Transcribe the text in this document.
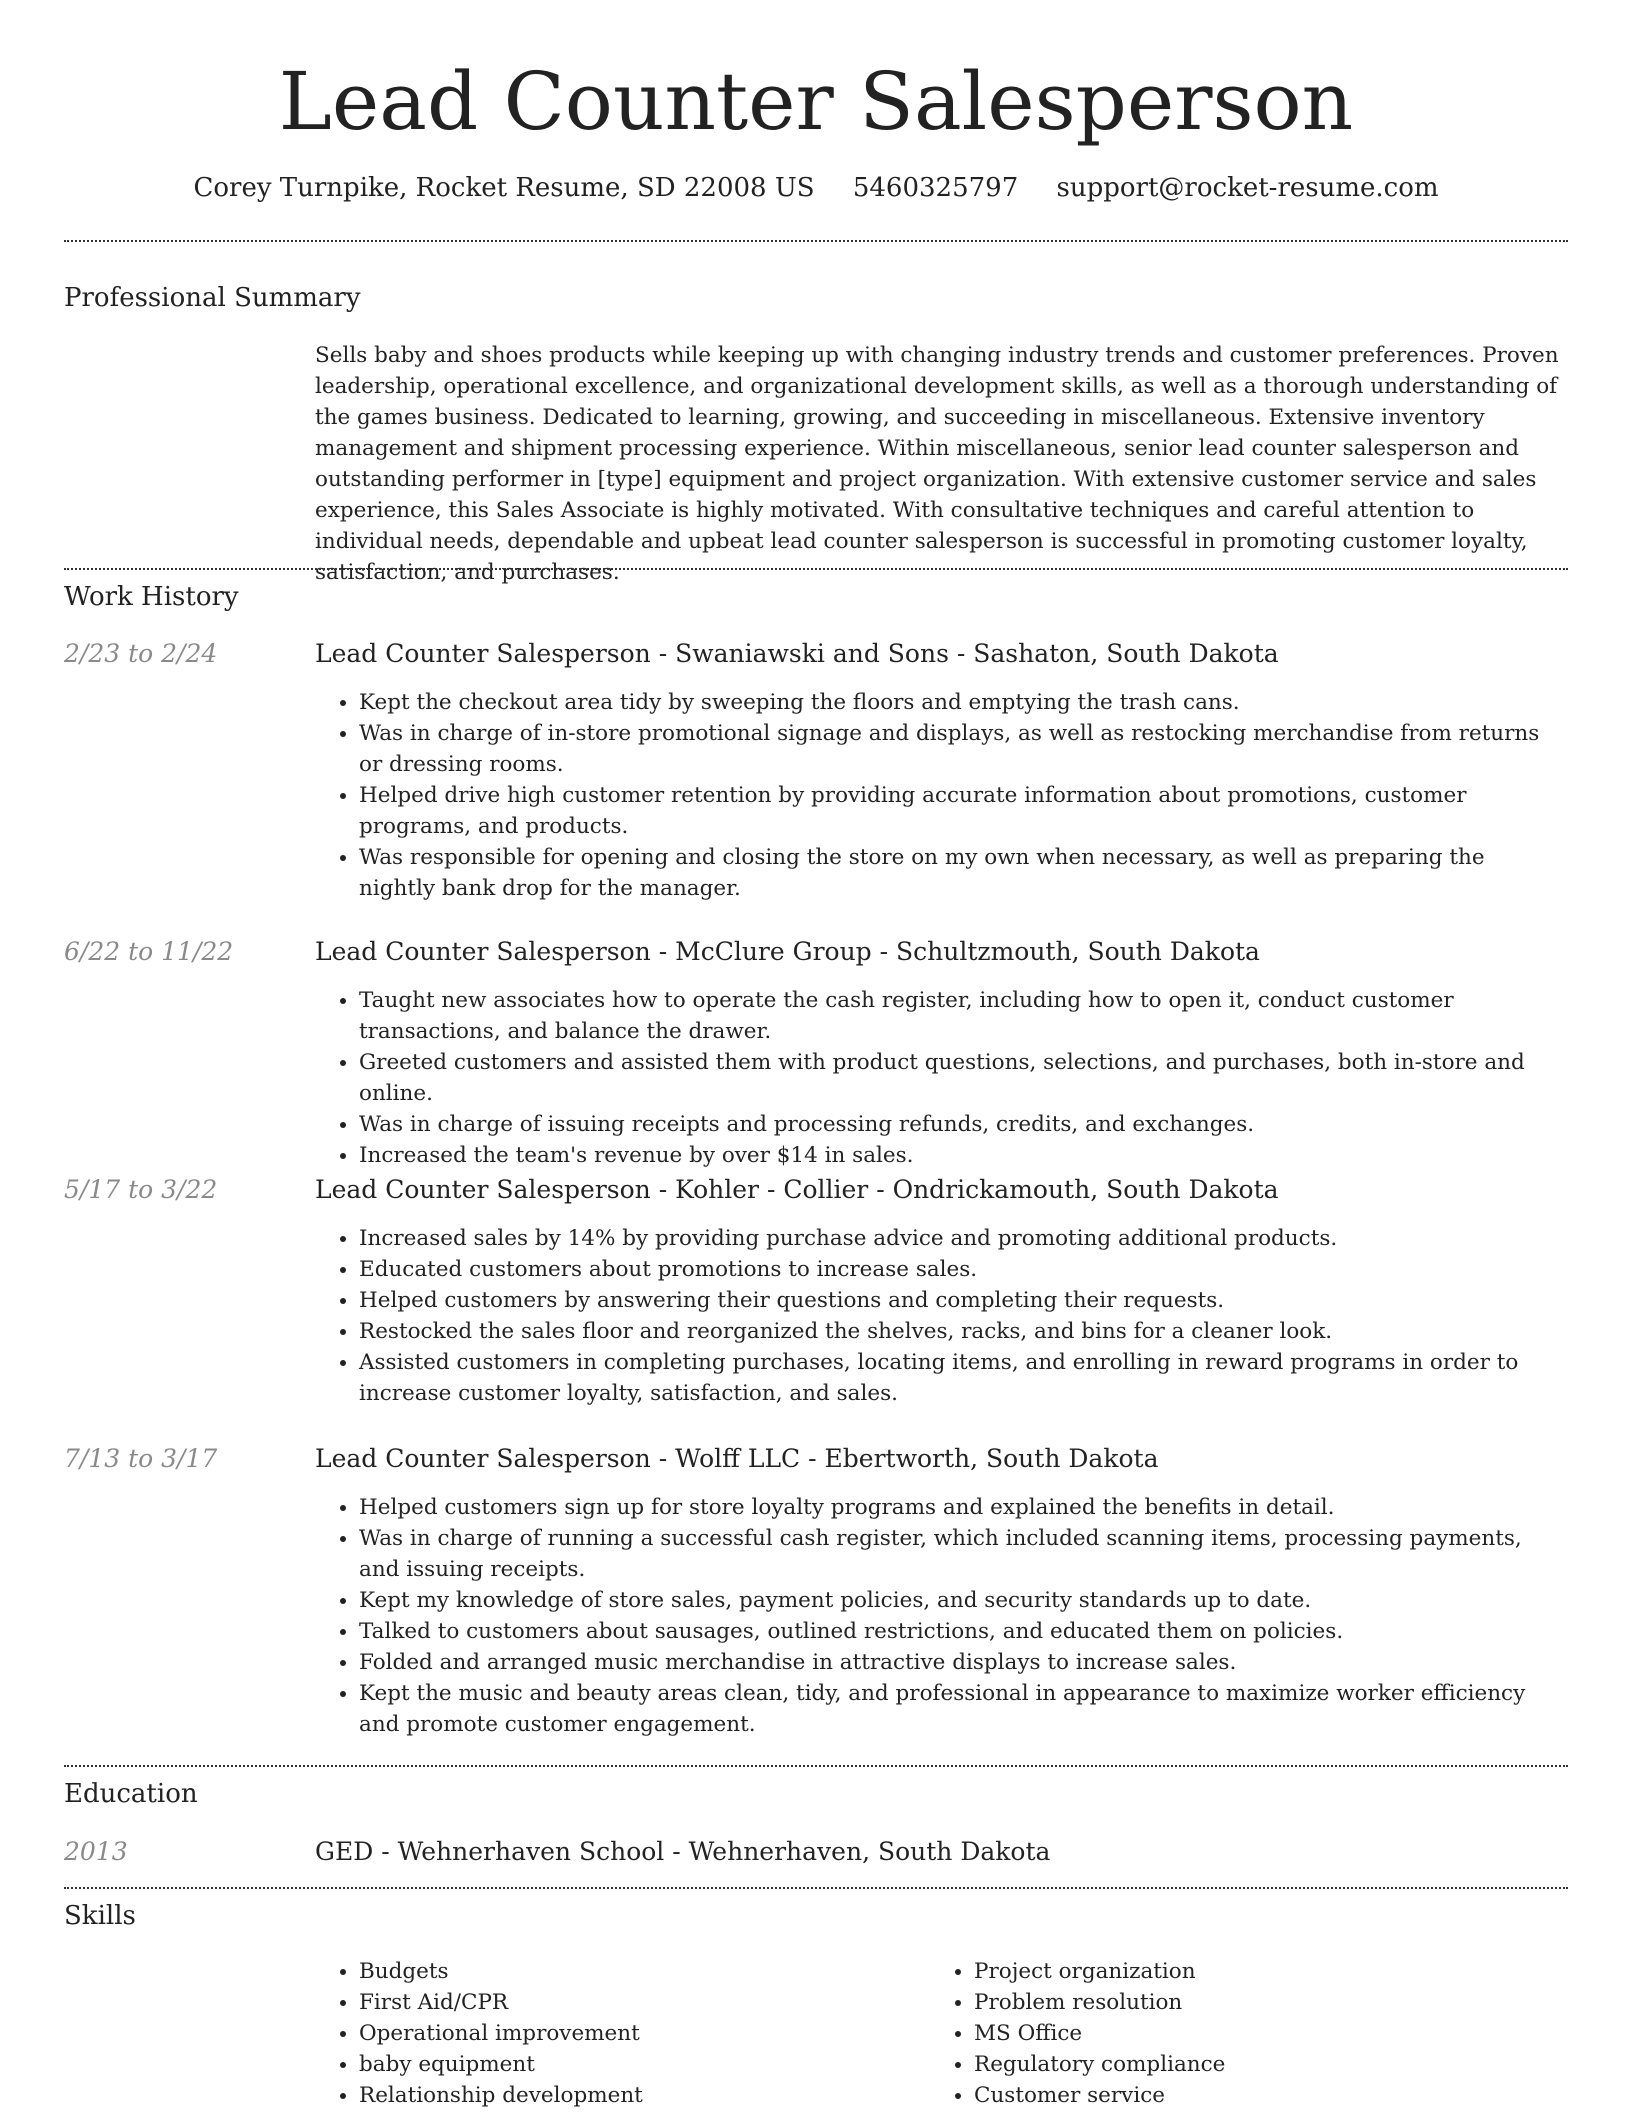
Lead Counter Salesperson
Corey Turnpike, Rocket Resume, SD 22008 US 5460325797 support@rocket-resume.com
Professional Summary
Sells baby and shoes products while keeping up with changing industry trends and customer preferences. Proven leadership, operational excellence, and organizational development skills, as well as a thorough understanding of the games business. Dedicated to learning, growing, and succeeding in miscellaneous. Extensive inventory management and shipment processing experience. Within miscellaneous, senior lead counter salesperson and outstanding performer in [type] equipment and project organization. With extensive customer service and sales experience, this Sales Associate is highly motivated. With consultative techniques and careful attention to individual needs, dependable and upbeat lead counter salesperson is successful in promoting customer loyalty, satisfaction, and purchases.
Work History
2/23 to 2/24	Lead Counter Salesperson - Swaniawski and Sons - Sashaton, South Dakota
• Kept the checkout area tidy by sweeping the floors and emptying the trash cans.
• Was in charge of in-store promotional signage and displays, as well as restocking merchandise from returns or dressing rooms.
• Helped drive high customer retention by providing accurate information about promotions, customer programs, and products.
• Was responsible for opening and closing the store on my own when necessary, as well as preparing the nightly bank drop for the manager.
6/22 to 11/22	Lead Counter Salesperson - McClure Group - Schultzmouth, South Dakota
• Taught new associates how to operate the cash register, including how to open it, conduct customer transactions, and balance the drawer.
• Greeted customers and assisted them with product questions, selections, and purchases, both in-store and online.
• Was in charge of issuing receipts and processing refunds, credits, and exchanges.
• Increased the team's revenue by over $14 in sales.
5/17 to 3/22	Lead Counter Salesperson - Kohler - Collier - Ondrickamouth, South Dakota
• Increased sales by 14% by providing purchase advice and promoting additional products.
• Educated customers about promotions to increase sales.
• Helped customers by answering their questions and completing their requests.
• Restocked the sales floor and reorganized the shelves, racks, and bins for a cleaner look.
• Assisted customers in completing purchases, locating items, and enrolling in reward programs in order to increase customer loyalty, satisfaction, and sales.
7/13 to 3/17	Lead Counter Salesperson - Wolff LLC - Ebertworth, South Dakota
• Helped customers sign up for store loyalty programs and explained the benefits in detail.
• Was in charge of running a successful cash register, which included scanning items, processing payments, and issuing receipts.
• Kept my knowledge of store sales, payment policies, and security standards up to date.
• Talked to customers about sausages, outlined restrictions, and educated them on policies.
• Folded and arranged music merchandise in attractive displays to increase sales.
• Kept the music and beauty areas clean, tidy, and professional in appearance to maximize worker efficiency and promote customer engagement.
Education
2013	GED - Wehnerhaven School - Wehnerhaven, South Dakota
Skills
• Budgets
• First Aid/CPR
• Operational improvement
• baby equipment
• Relationship development
• Project organization
• Problem resolution
• MS Office
• Regulatory compliance
• Customer service
